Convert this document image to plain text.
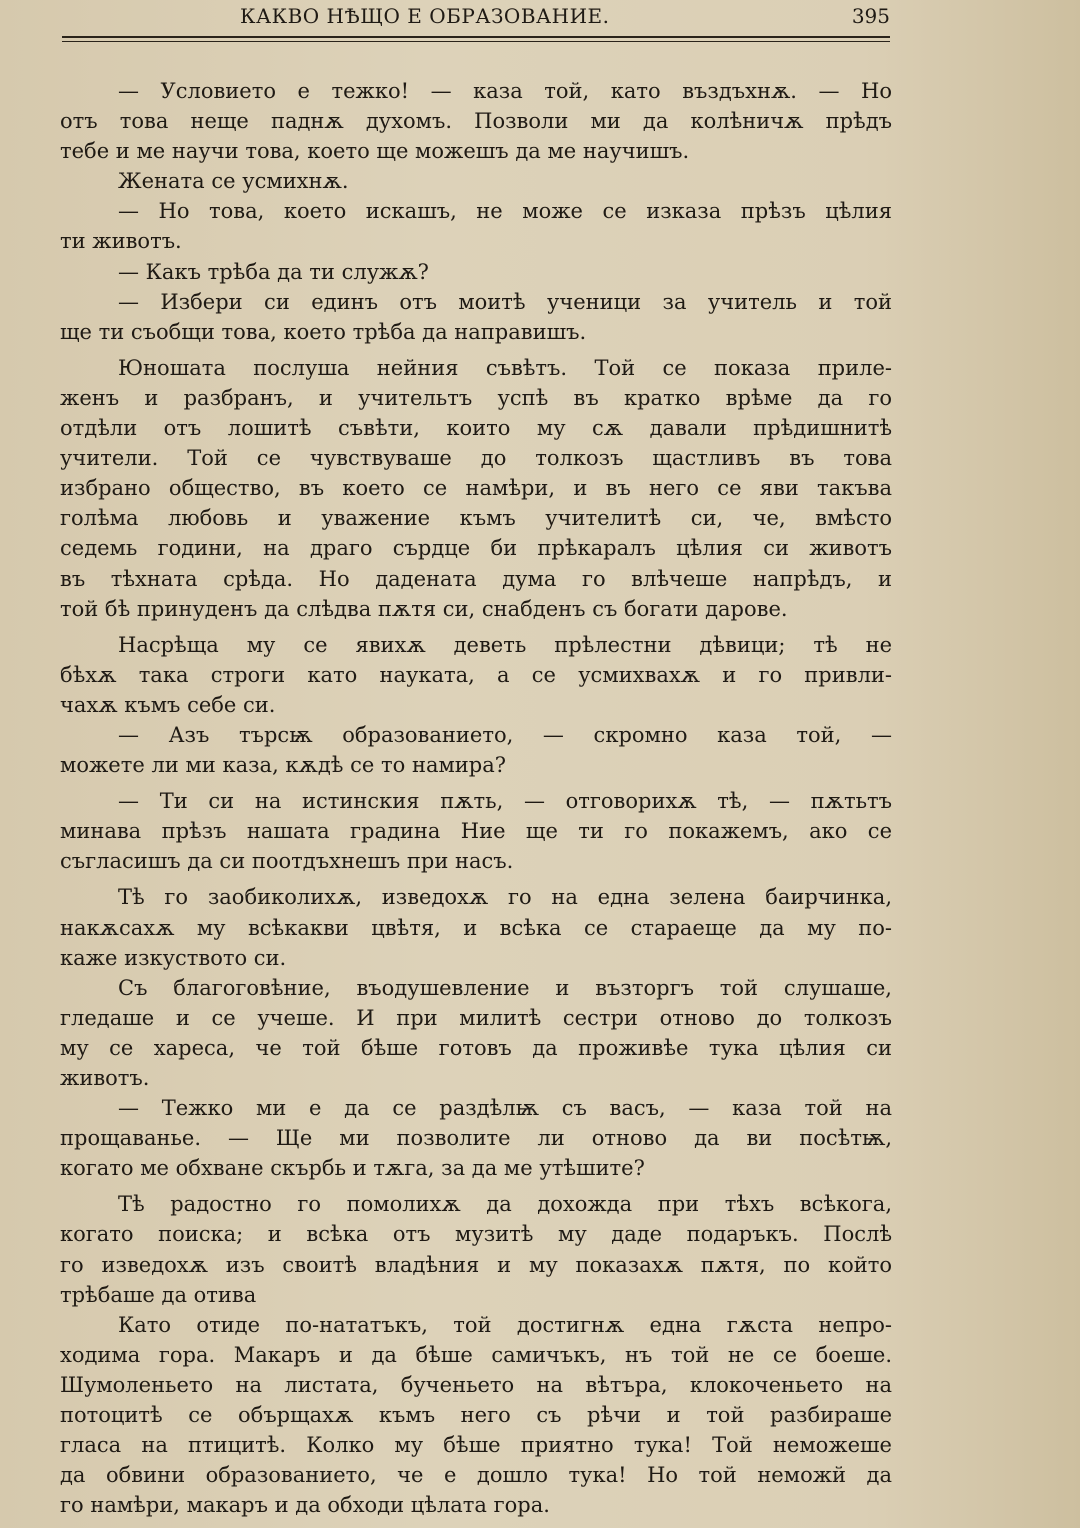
КАКВО НѢЩО Е ОБРАЗОВАНИЕ.	395
— Условието е тежко! — каза той, като въздъхнѫ. — Но
отъ това неще паднѫ духомъ. Позволи ми да колѣничѫ прѣдъ
тебе и ме научи това, което ще можешъ да ме научишъ.
Жената се усмихнѫ.
— Но това, което искашъ, не може се изказа прѣзъ цѣлия
ти животъ.
— Какъ трѣба да ти служѫ?
— Избери си единъ отъ моитѣ ученици за учитель и той
ще ти съобщи това, което трѣба да направишъ.
Юношата послуша нейния съвѣтъ. Той се показа приле-
женъ и разбранъ, и учительтъ успѣ въ кратко врѣме да го
отдѣли отъ лошитѣ съвѣти, които му сѫ давали прѣдишнитѣ
учители. Той се чувствуваше до толкозъ щастливъ въ това
избрано общество, въ което се намѣри, и въ него се яви такъва
голѣма любовь и уважение къмъ учителитѣ си, че, вмѣсто
седемь години, на драго сърдце би прѣкаралъ цѣлия си животъ
въ тѣхната срѣда. Но дадената дума го влѣчеше напрѣдъ, и
той бѣ принуденъ да слѣдва пѫтя си, снабденъ съ богати дарове.
Насрѣща му се явихѫ деветь прѣлестни дѣвици; тѣ не
бѣхѫ така строги като науката, а се усмихвахѫ и го привли-
чахѫ къмъ себе си.
— Азъ търсѭ образованието, — скромно каза той, —
можете ли ми каза, кѫдѣ се то намира?
— Ти си на истинския пѫть, — отговорихѫ тѣ, — пѫтьтъ
минава прѣзъ нашата градина Ние ще ти го покажемъ, ако се
съгласишъ да си поотдъхнешъ при насъ.
Тѣ го заобиколихѫ, изведохѫ го на една зелена баирчинка,
накѫсахѫ му всѣкакви цвѣтя, и всѣка се стараеще да му по-
каже изкуството си.
Съ благоговѣние, въодушевление и възторгъ той слушаше,
гледаше и се учеше. И при милитѣ сестри отново до толкозъ
му се хареса, че той бѣше готовъ да проживѣе тука цѣлия си
животъ.
— Тежко ми е да се раздѣлѭ съ васъ, — каза той на
прощаванье. — Ще ми позволите ли отново да ви посѣтѭ,
когато ме обхване скърбь и тѫга, за да ме утѣшите?
Тѣ радостно го помолихѫ да дохожда при тѣхъ всѣкога,
когато поиска; и всѣка отъ музитѣ му даде подаръкъ. Послѣ
го изведохѫ изъ своитѣ владѣния и му показахѫ пѫтя, по който
трѣбаше да отива
Като отиде по-нататъкъ, той достигнѫ една гѫста непро-
ходима гора. Макаръ и да бѣше самичъкъ, нъ той не се боеше.
Шумоленьето на листата, бученьето на вѣтъра, клокоченьето на
потоцитѣ се обърщахѫ къмъ него съ рѣчи и той разбираше
гласа на птицитѣ. Колко му бѣше приятно тука! Той неможеше
да обвини образованието, че е дошло тука! Но той неможй да
го намѣри, макаръ и да обходи цѣлата гора.
